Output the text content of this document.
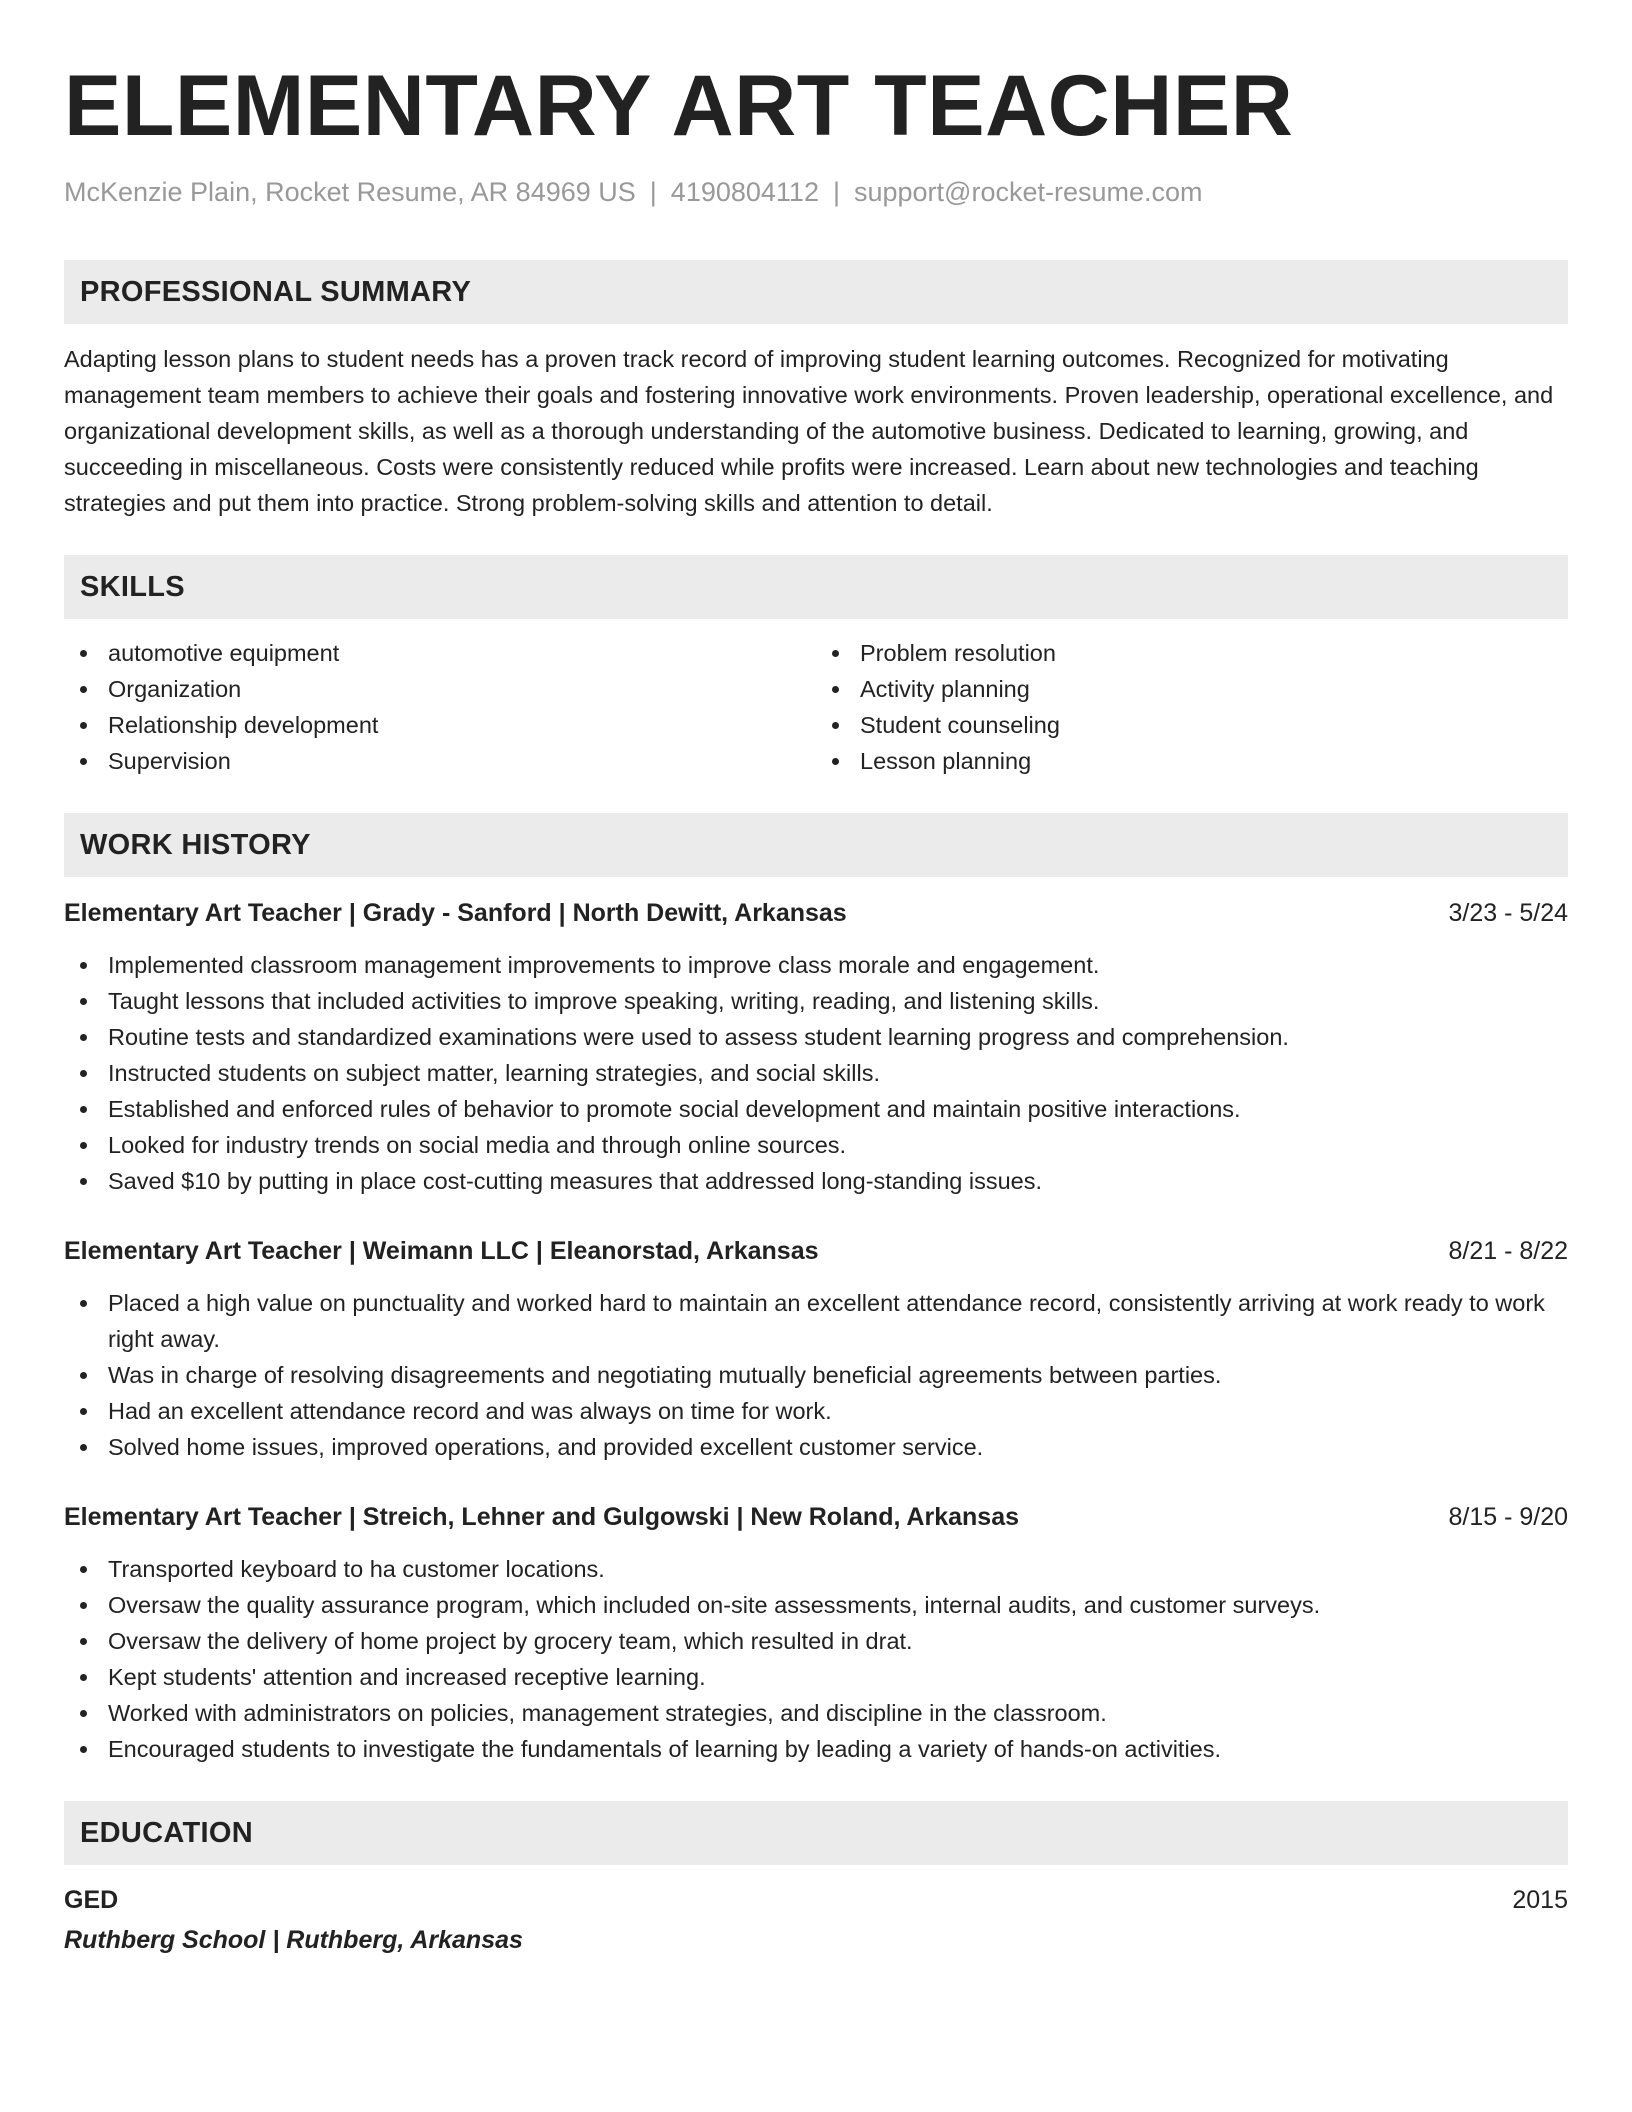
ELEMENTARY ART TEACHER
McKenzie Plain, Rocket Resume, AR 84969 US | 4190804112 | support@rocket-resume.com
PROFESSIONAL SUMMARY

Adapting lesson plans to student needs has a proven track record of improving student learning outcomes. Recognized for motivating management team members to achieve their goals and fostering innovative work environments. Proven leadership, operational excellence, and organizational development skills, as well as a thorough understanding of the automotive business. Dedicated to learning, growing, and succeeding in miscellaneous. Costs were consistently reduced while profits were increased. Learn about new technologies and teaching strategies and put them into practice. Strong problem-solving skills and attention to detail.

SKILLS
automotive equipment
Organization
Relationship development
Supervision
Problem resolution
Activity planning
Student counseling
Lesson planning
WORK HISTORY
Elementary Art Teacher | Grady - Sanford | North Dewitt, Arkansas	3/23 - 5/24
Implemented classroom management improvements to improve class morale and engagement.
Taught lessons that included activities to improve speaking, writing, reading, and listening skills.
Routine tests and standardized examinations were used to assess student learning progress and comprehension.
Instructed students on subject matter, learning strategies, and social skills.
Established and enforced rules of behavior to promote social development and maintain positive interactions.
Looked for industry trends on social media and through online sources.
Saved $10 by putting in place cost-cutting measures that addressed long-standing issues.
Elementary Art Teacher | Weimann LLC | Eleanorstad, Arkansas	8/21 - 8/22
Placed a high value on punctuality and worked hard to maintain an excellent attendance record, consistently arriving at work ready to work right away.
Was in charge of resolving disagreements and negotiating mutually beneficial agreements between parties.
Had an excellent attendance record and was always on time for work.
Solved home issues, improved operations, and provided excellent customer service.
Elementary Art Teacher | Streich, Lehner and Gulgowski | New Roland, Arkansas	8/15 - 9/20
Transported keyboard to ha customer locations.
Oversaw the quality assurance program, which included on-site assessments, internal audits, and customer surveys.
Oversaw the delivery of home project by grocery team, which resulted in drat.
Kept students' attention and increased receptive learning.
Worked with administrators on policies, management strategies, and discipline in the classroom.
Encouraged students to investigate the fundamentals of learning by leading a variety of hands-on activities.
EDUCATION
GED	2015
Ruthberg School | Ruthberg, Arkansas
